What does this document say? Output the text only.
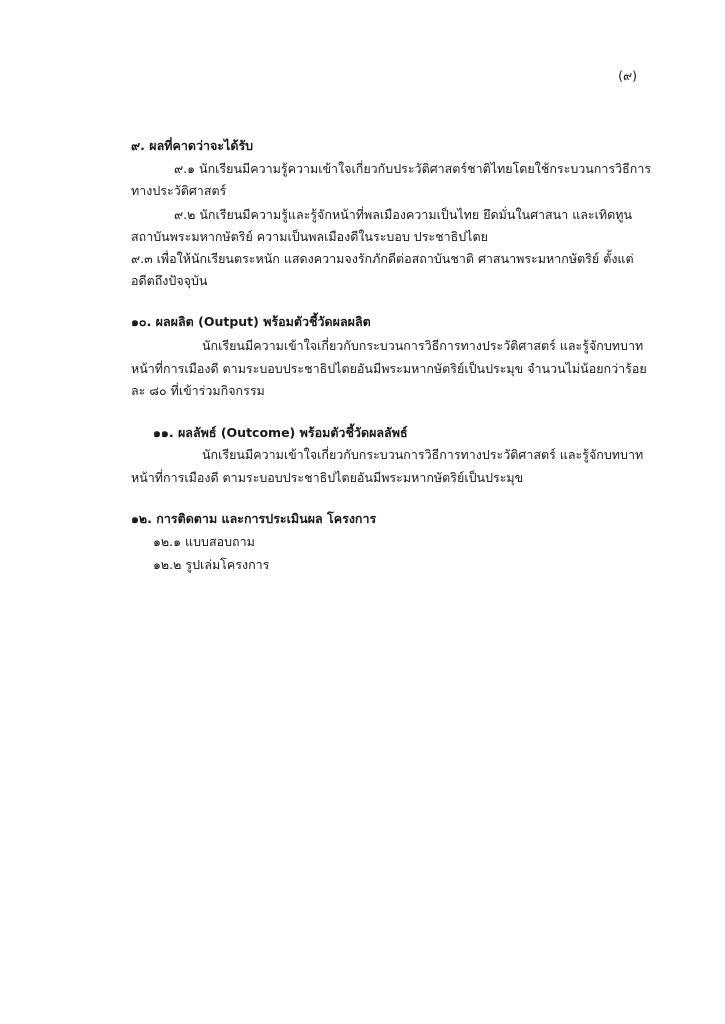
(๙)
๙. ผลที่คาดว่าจะได้รับ
๙.๑ นักเรียนมีความรู้ความเข้าใจเกี่ยวกับประวัติศาสตร์ชาติไทยโดยใช้กระบวนการวิธีการ
ทางประวัติศาสตร์
๙.๒ นักเรียนมีความรู้และรู้จักหน้าที่พลเมืองความเป็นไทย ยึดมั่นในศาสนา และเทิดทูน
สถาบันพระมหากษัตริย์ ความเป็นพลเมืองดีในระบอบ ประชาธิปไตย
๙.๓ เพื่อให้นักเรียนตระหนัก แสดงความจงรักภักดีต่อสถาบันชาติ ศาสนาพระมหากษัตริย์ ตั้งแต่
อดีตถึงปัจจุบัน
๑๐. ผลผลิต (Output) พร้อมตัวชี้วัดผลผลิต
นักเรียนมีความเข้าใจเกี่ยวกับกระบวนการวิธีการทางประวัติศาสตร์ และรู้จักบทบาท
หน้าที่การเมืองดี ตามระบอบประชาธิปไตยอันมีพระมหากษัตริย์เป็นประมุข จำนวนไม่น้อยกว่าร้อย
ละ ๘๐ ที่เข้าร่วมกิจกรรม
๑๑. ผลลัพธ์ (Outcome) พร้อมตัวชี้วัดผลลัพธ์
นักเรียนมีความเข้าใจเกี่ยวกับกระบวนการวิธีการทางประวัติศาสตร์ และรู้จักบทบาท
หน้าที่การเมืองดี ตามระบอบประชาธิปไตยอันมีพระมหากษัตริย์เป็นประมุข
๑๒. การติดตาม และการประเมินผล โครงการ
๑๒.๑ แบบสอบถาม
๑๒.๒ รูปเล่มโครงการ
